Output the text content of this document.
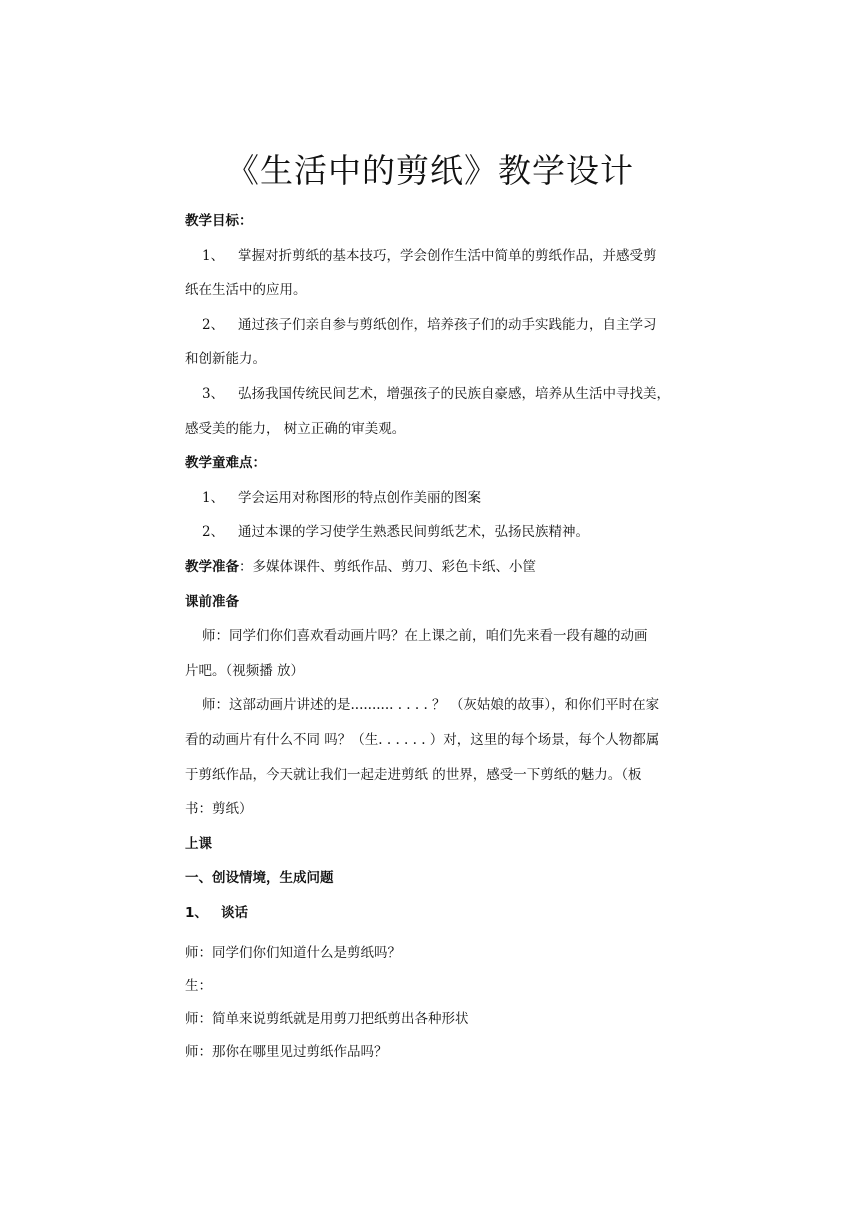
《生活中的剪纸》教学设计
教学目标：
1、 掌握对折剪纸的基本技巧，学会创作生活中简单的剪纸作品，并感受剪
纸在生活中的应用。
2、 通过孩子们亲自参与剪纸创作，培养孩子们的动手实践能力，自主学习
和创新能力。
3、 弘扬我国传统民间艺术，增强孩子的民族自豪感，培养从生活中寻找美，
感受美的能力， 树立正确的审美观。
教学童难点：
1、 学会运用对称图形的特点创作美丽的图案
2、 通过本课的学习使学生熟悉民间剪纸艺术，弘扬民族精神。
教学准备：多媒体课件、剪纸作品、剪刀、彩色卡纸、小筐
课前准备
师：同学们你们喜欢看动画片吗？在上课之前，咱们先来看一段有趣的动画
片吧。（视频播 放）
师：这部动画片讲述的是.......... . . . . ？ （灰姑娘的故事），和你们平时在家
看的动画片有什么不同 吗？（生. . . . . . ）对，这里的每个场景，每个人物都属
于剪纸作品，今天就让我们一起走进剪纸 的世界，感受一下剪纸的魅力。（板
书：剪纸）
上课
一、创设情境，生成问题
1、 谈话
师：同学们你们知道什么是剪纸吗？
生：
师：简单来说剪纸就是用剪刀把纸剪出各种形状
师：那你在哪里见过剪纸作品吗？
